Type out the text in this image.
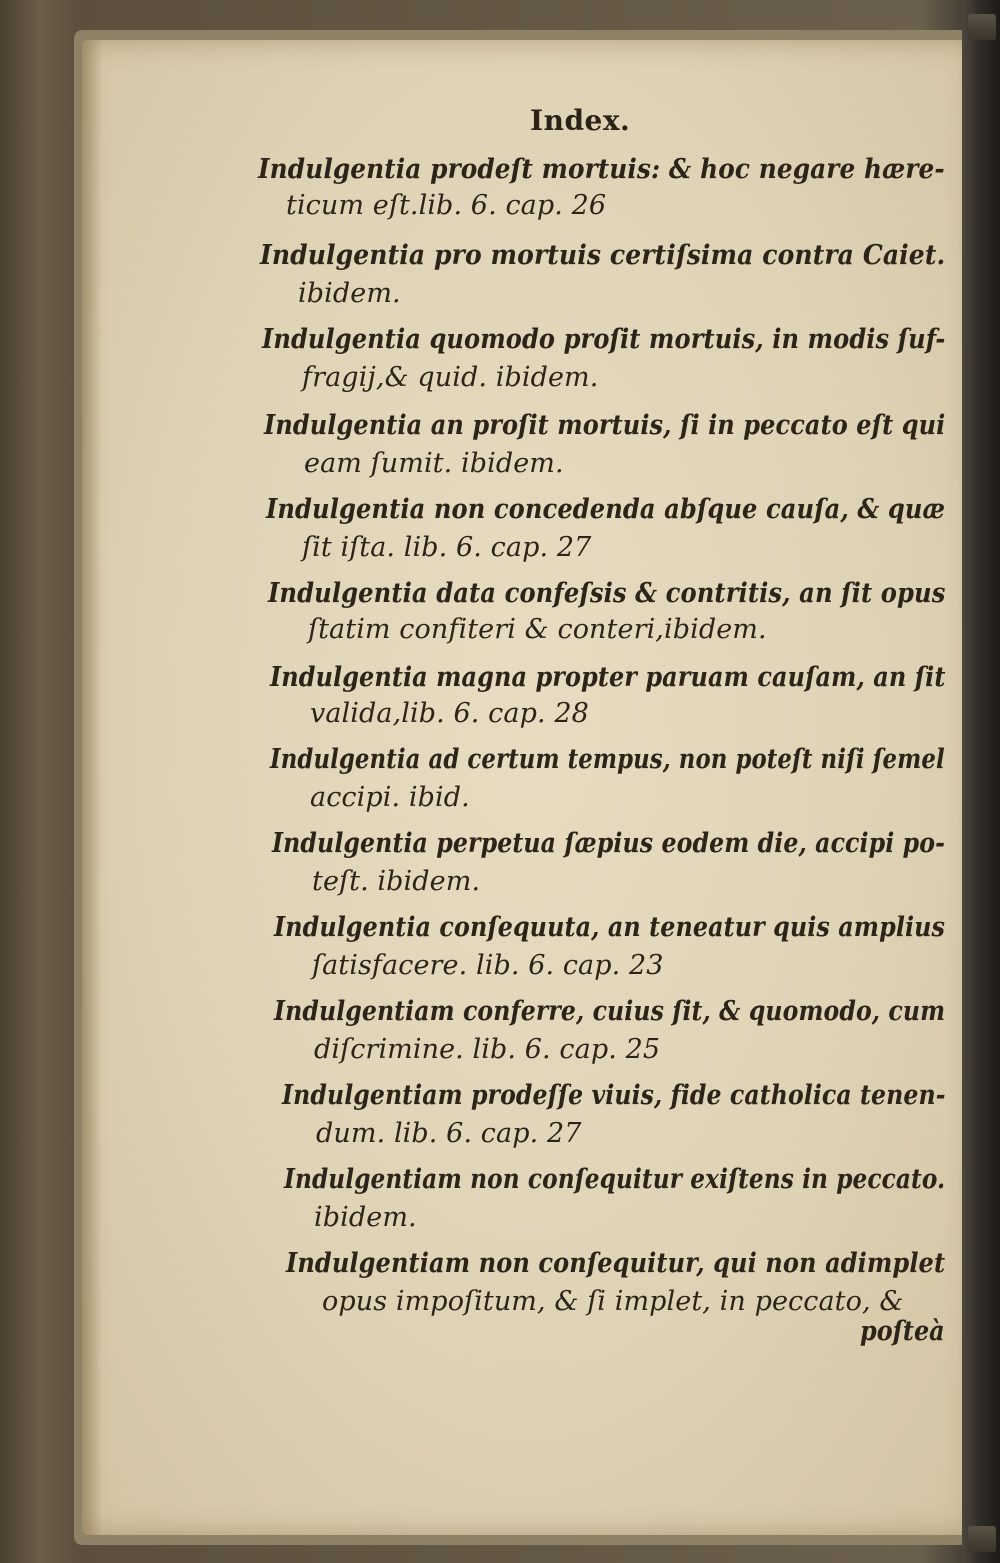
Index.
Indulgentia prodeſt mortuis: & hoc negare hære-
ticum eſt.lib. 6. cap. 26
Indulgentia pro mortuis certiſsima contra Caiet.
ibidem.
Indulgentia quomodo proſit mortuis, in modis ſuf-
fragij,& quid. ibidem.
Indulgentia an proſit mortuis, ſi in peccato eſt qui
eam ſumit. ibidem.
Indulgentia non concedenda abſque cauſa, & quæ
ſit iſta. lib. 6. cap. 27
Indulgentia data confeſsis & contritis, an ſit opus
ſtatim confiteri & conteri,ibidem.
Indulgentia magna propter paruam cauſam, an ſit
valida,lib. 6. cap. 28
Indulgentia ad certum tempus, non poteſt niſi ſemel
accipi. ibid.
Indulgentia perpetua ſæpius eodem die, accipi po-
teſt. ibidem.
Indulgentia conſequuta, an teneatur quis amplius
ſatisfacere. lib. 6. cap. 23
Indulgentiam conferre, cuius ſit, & quomodo, cum
diſcrimine. lib. 6. cap. 25
Indulgentiam prodeſſe viuis, fide catholica tenen-
dum. lib. 6. cap. 27
Indulgentiam non conſequitur exiſtens in peccato.
ibidem.
Indulgentiam non conſequitur, qui non adimplet
opus impoſitum, & ſi implet, in peccato, &
poſteà
